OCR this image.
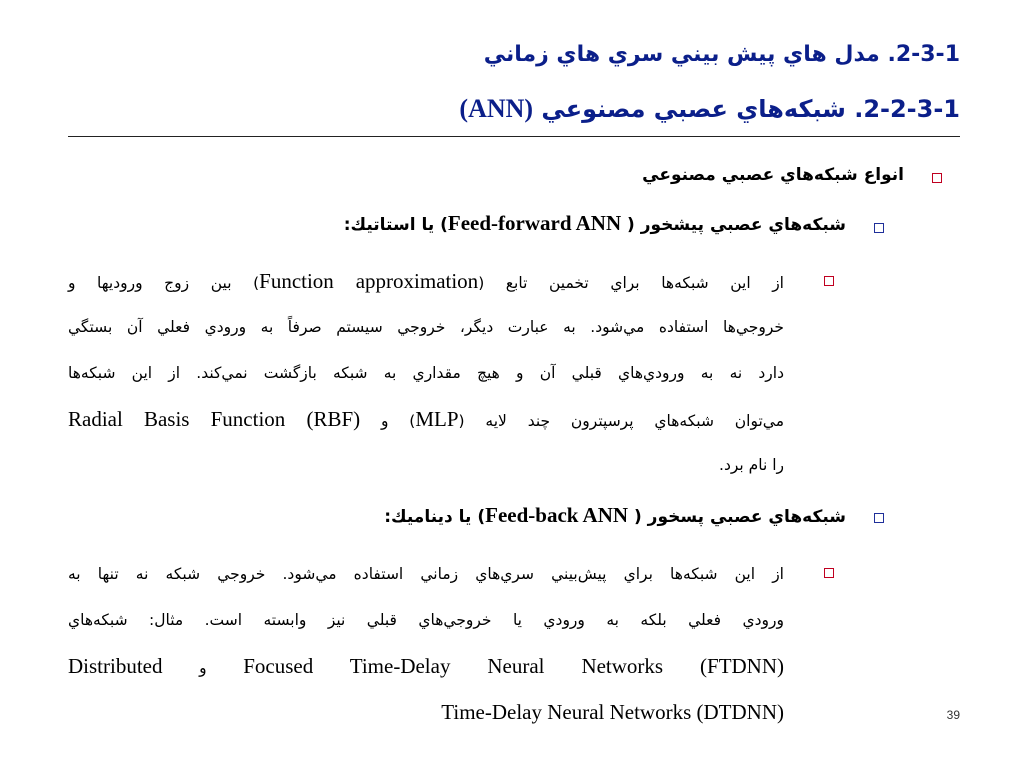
2-3-1. مدل هاي پيش بيني سري هاي زماني
2-2-3-1. شبکه‌هاي عصبي مصنوعي (ANN)
انواع شبکه‌هاي عصبي مصنوعي
شبکه‌هاي عصبي پيشخور ( Feed-forward ANN) يا استاتيك:
از اين شبکه‌ها براي تخمين تابع (Function approximation) بين زوج وروديها و
خروجي‌ها استفاده مي‌شود. به عبارت ديگر، خروجي سيستم صرفاً به ورودي فعلي آن بستگي
دارد نه به ورودي‌هاي قبلي آن و هيچ مقداري به شبکه بازگشت نمي‌کند. از اين شبکه‌ها
مي‌توان شبکه‌هاي پرسپترون چند لايه (MLP) و Radial Basis Function (RBF)
را نام برد.
شبکه‌هاي عصبي پسخور ( Feed-back ANN) يا ديناميك:
از اين شبکه‌ها براي پيش‌بيني سري‌هاي زماني استفاده مي‌شود. خروجي شبکه نه تنها به
ورودي فعلي بلکه به ورودي يا خروجي‌هاي قبلي نيز وابسته است. مثال: شبکه‌هاي
Focused Time-Delay Neural Networks (FTDNN) و Distributed
Time-Delay Neural Networks (DTDNN)	39
